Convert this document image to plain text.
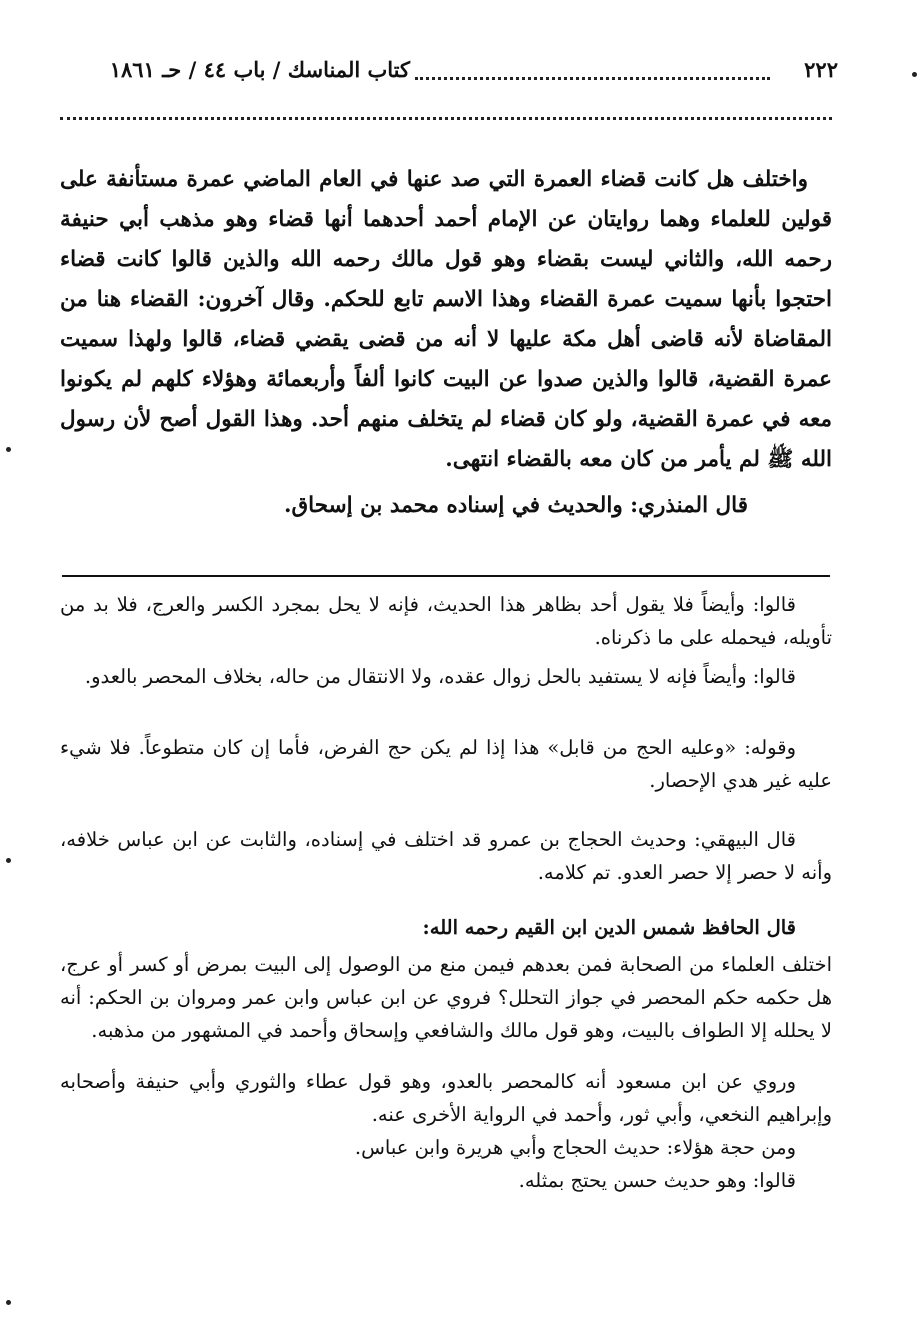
كتاب المناسك / باب ٤٤ / حـ ١٨٦١	٢٢٢

واختلف هل كانت قضاء العمرة التي صد عنها في العام الماضي عمرة مستأنفة على قولين للعلماء وهما روايتان عن الإمام أحمد أحدهما أنها قضاء وهو مذهب أبي حنيفة رحمه الله، والثاني ليست بقضاء وهو قول مالك رحمه الله والذين قالوا كانت قضاء احتجوا بأنها سميت عمرة القضاء وهذا الاسم تابع للحكم. وقال آخرون: القضاء هنا من المقاضاة لأنه قاضى أهل مكة عليها لا أنه من قضى يقضي قضاء، قالوا ولهذا سميت عمرة القضية، قالوا والذين صدوا عن البيت كانوا ألفاً وأربعمائة وهؤلاء كلهم لم يكونوا معه في عمرة القضية، ولو كان قضاء لم يتخلف منهم أحد. وهذا القول أصح لأن رسول الله ﷺ لم يأمر من كان معه بالقضاء انتهى.

قال المنذري: والحديث في إسناده محمد بن إسحاق.

قالوا: وأيضاً فلا يقول أحد بظاهر هذا الحديث، فإنه لا يحل بمجرد الكسر والعرج، فلا بد من تأويله، فيحمله على ما ذكرناه.

قالوا: وأيضاً فإنه لا يستفيد بالحل زوال عقده، ولا الانتقال من حاله، بخلاف المحصر بالعدو.

وقوله: «وعليه الحج من قابل» هذا إذا لم يكن حج الفرض، فأما إن كان متطوعاً. فلا شيء عليه غير هدي الإحصار.

قال البيهقي: وحديث الحجاج بن عمرو قد اختلف في إسناده، والثابت عن ابن عباس خلافه، وأنه لا حصر إلا حصر العدو. تم كلامه.

قال الحافظ شمس الدين ابن القيم رحمه الله:

اختلف العلماء من الصحابة فمن بعدهم فيمن منع من الوصول إلى البيت بمرض أو كسر أو عرج، هل حكمه حكم المحصر في جواز التحلل؟ فروي عن ابن عباس وابن عمر ومروان بن الحكم: أنه لا يحلله إلا الطواف بالبيت، وهو قول مالك والشافعي وإسحاق وأحمد في المشهور من مذهبه.

وروي عن ابن مسعود أنه كالمحصر بالعدو، وهو قول عطاء والثوري وأبي حنيفة وأصحابه وإبراهيم النخعي، وأبي ثور، وأحمد في الرواية الأخرى عنه.

ومن حجة هؤلاء: حديث الحجاج وأبي هريرة وابن عباس.

قالوا: وهو حديث حسن يحتج بمثله.
